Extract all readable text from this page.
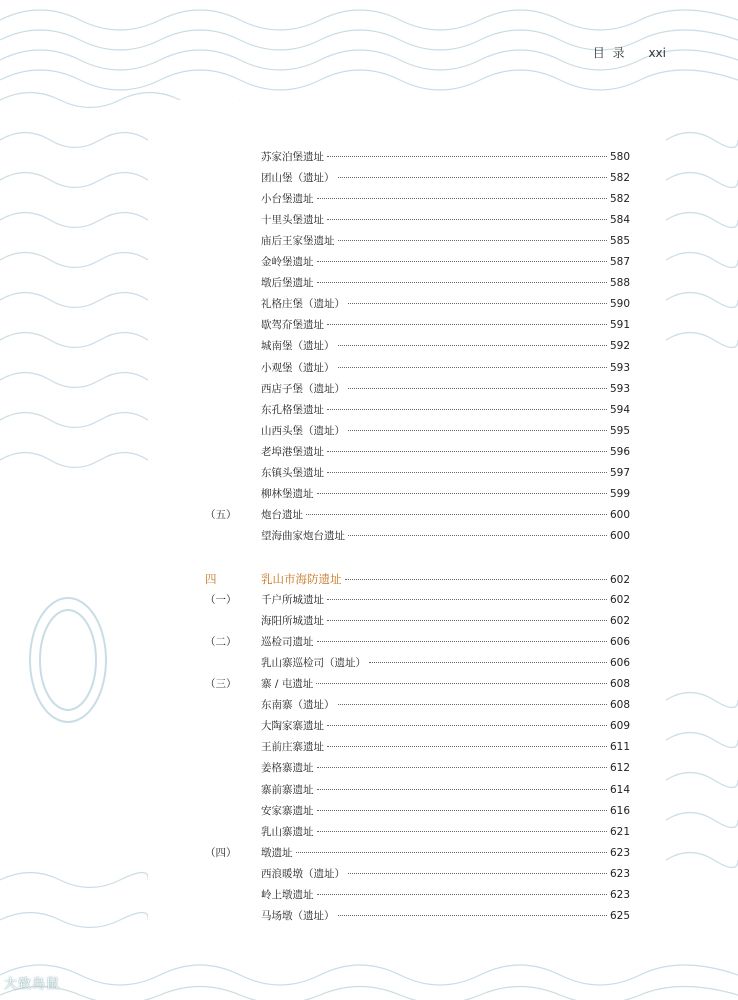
目 录 xxi
苏家泊堡遗址	580
团山堡（遗址）	582
小台堡遗址	582
十里头堡遗址	584
庙后王家堡遗址	585
金岭堡遗址	587
墩后堡遗址	588
礼格庄堡（遗址）	590
歇驾夼堡遗址	591
城南堡（遗址）	592
小观堡（遗址）	593
西店子堡（遗址）	593
东孔格堡遗址	594
山西头堡（遗址）	595
老埠港堡遗址	596
东镇头堡遗址	597
柳林堡遗址	599
（五）	炮台遗址	600
望海曲家炮台遗址	600
四	乳山市海防遗址	602
（一）	千户所城遗址	602
海阳所城遗址	602
（二）	巡检司遗址	606
乳山寨巡检司（遗址）	606
（三）	寨 / 屯遗址	608
东南寨（遗址）	608
大陶家寨遗址	609
王前庄寨遗址	611
姜格寨遗址	612
寨前寨遗址	614
安家寨遗址	616
乳山寨遗址	621
（四）	墩遗址	623
西浪暖墩（遗址）	623
岭上墩遗址	623
马场墩（遗址）	625
大致岛鼠
